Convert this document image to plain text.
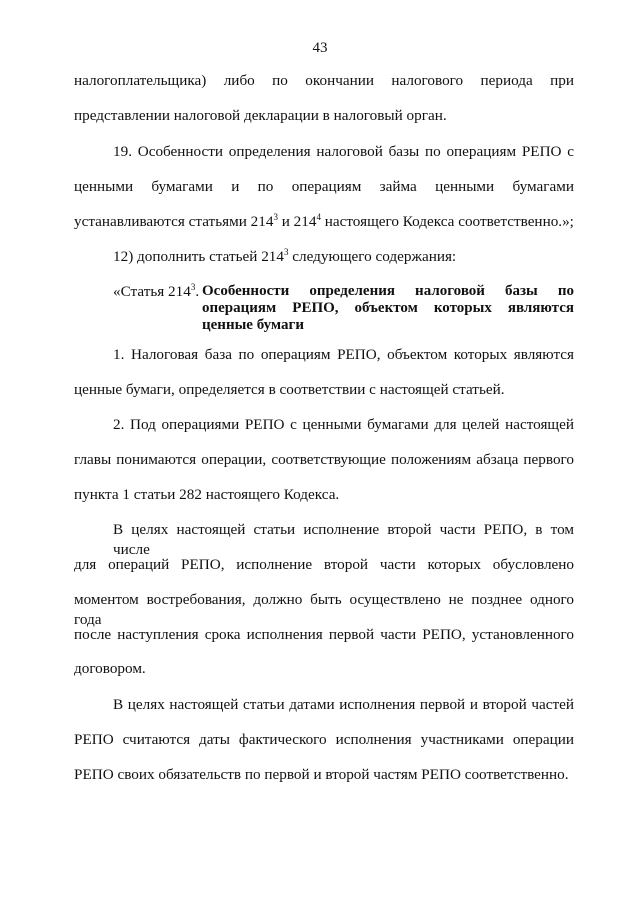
43
налогоплательщика) либо по окончании налогового периода при
представлении налоговой декларации в налоговый орган.
19. Особенности определения налоговой базы по операциям РЕПО с
ценными бумагами и по операциям займа ценными бумагами
устанавливаются статьями $214^3$ и $214^4$ настоящего Кодекса соответственно.»;
12) дополнить статьей $214^3$ следующего содержания:
«Статья $214^3$. Особенности определения налоговой базы по
операциям РЕПО, объектом которых являются
ценные бумаги
1. Налоговая база по операциям РЕПО, объектом которых являются
ценные бумаги, определяется в соответствии с настоящей статьей.
2. Под операциями РЕПО с ценными бумагами для целей настоящей
главы понимаются операции, соответствующие положениям абзаца первого
пункта 1 статьи 282 настоящего Кодекса.
В целях настоящей статьи исполнение второй части РЕПО, в том числе
для операций РЕПО, исполнение второй части которых обусловлено
моментом востребования, должно быть осуществлено не позднее одного года
после наступления срока исполнения первой части РЕПО, установленного
договором.
В целях настоящей статьи датами исполнения первой и второй частей
РЕПО считаются даты фактического исполнения участниками операции
РЕПО своих обязательств по первой и второй частям РЕПО соответственно.
